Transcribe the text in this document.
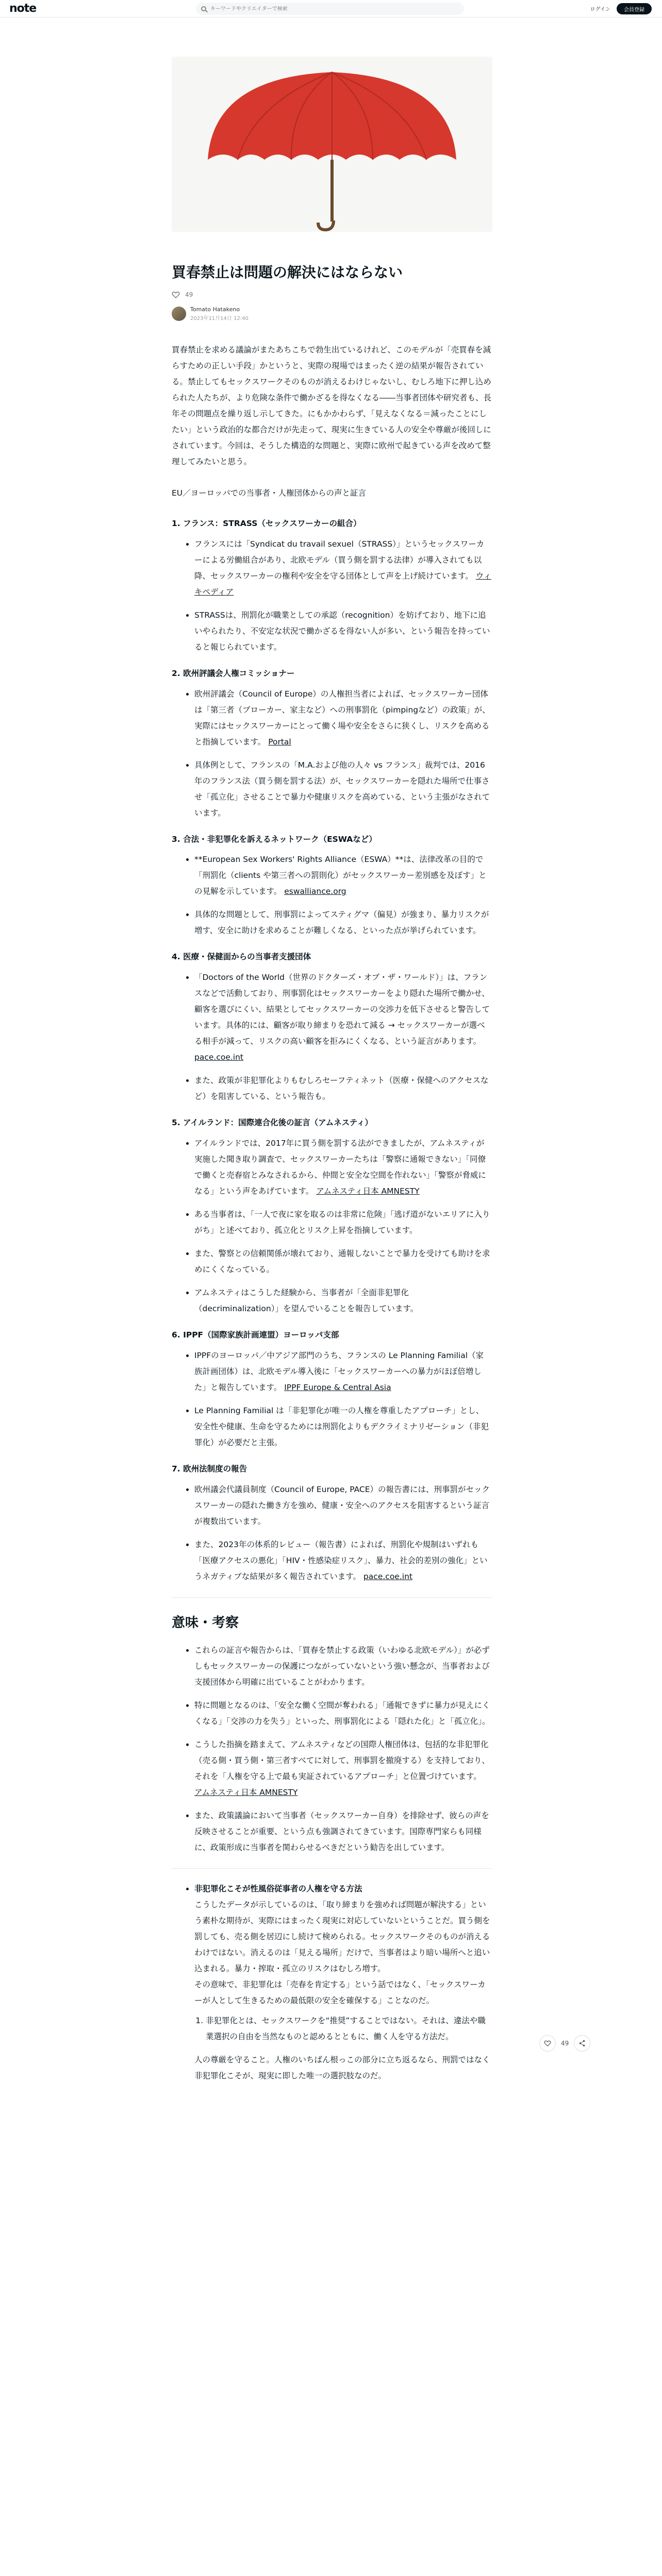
note
キーワードやクリエイターで検索	ログイン	会員登録
買春禁止は問題の解決にはならない
49
Tomato Hatakeno
2023年11月14日 12:40

買春禁止を求める議論がまたあちこちで勃生出ているけれど、このモデルが「売買春を減らすための正しい手段」かというと、実際の現場ではまったく逆の結果が報告されている。禁止してもセックスワークそのものが消えるわけじゃないし、むしろ地下に押し込められた人たちが、より危険な条件で働かざるを得なくなる――当事者団体や研究者も、長年その問題点を繰り返し示してきた。にもかかわらず、「見えなくなる＝減ったことにしたい」という政治的な都合だけが先走って、現実に生きている人の安全や尊厳が後回しにされています。今回は、そうした構造的な問題と、実際に欧州で起きている声を改めて整理してみたいと思う。

EU／ヨーロッパでの当事者・人権団体からの声と証言

1. フランス：STRASS（セックスワーカーの組合）
• フランスには「Syndicat du travail sexuel（STRASS）」というセックスワーカーによる労働組合があり、北欧モデル（買う側を罰する法律）が導入されても以降、セックスワーカーの権利や安全を守る団体として声を上げ続けています。 ウィキペディア
• STRASSは、刑罰化が職業としての承認（recognition）を妨げており、地下に追いやられたり、不安定な状況で働かざるを得ない人が多い、という報告を持っていると報じられています。
2. 欧州評議会人権コミッショナー
• 欧州評議会（Council of Europe）の人権担当者によれば、セックスワーカー団体は「第三者（ブローカー、家主など）への刑事罰化（pimpingなど）の政策」が、実際にはセックスワーカーにとって働く場や安全をさらに狭くし、リスクを高めると指摘しています。 Portal
• 具体例として、フランスの「M.A.および他の人々 vs フランス」裁判では、2016年のフランス法（買う側を罰する法）が、セックスワーカーを隠れた場所で仕事させ「孤立化」させることで暴力や健康リスクを高めている、という主張がなされています。
3. 合法・非犯罪化を訴えるネットワーク（ESWAなど）
• **European Sex Workers' Rights Alliance（ESWA）**は、法律改革の目的で「刑罰化（clients や第三者への罰則化）がセックスワーカー差別感を及ぼす」との見解を示しています。 eswalliance.org
• 具体的な問題として、刑事罰によってスティグマ（偏見）が強まり、暴力リスクが増す、安全に助けを求めることが難しくなる、といった点が挙げられています。
4. 医療・保健面からの当事者支援団体
• 「Doctors of the World（世界のドクターズ・オブ・ザ・ワールド）」は、フランスなどで活動しており、刑事罰化はセックスワーカーをより隠れた場所で働かせ、顧客を選びにくい、結果としてセックスワーカーの交渉力を低下させると警告しています。具体的には、顧客が取り締まりを恐れて減る → セックスワーカーが選べる相手が減って、リスクの高い顧客を拒みにくくなる、という証言があります。 pace.coe.int
• また、政策が非犯罪化よりもむしろセーフティネット（医療・保健へのアクセスなど）を阻害している、という報告も。
5. アイルランド：国際連合化後の証言（アムネスティ）
• アイルランドでは、2017年に買う側を罰する法ができましたが、アムネスティが実施した聞き取り調査で、セックスワーカーたちは「警察に通報できない」「同僚で働くと売春宿とみなされるから、仲間と安全な空間を作れない」「警察が脅威になる」という声をあげています。 アムネスティ日本 AMNESTY
• ある当事者は、「一人で夜に家を取るのは非常に危険」「逃げ道がないエリアに入りがち」と述べており、孤立化とリスク上昇を指摘しています。
• また、警察との信頼関係が壊れており、通報しないことで暴力を受けても助けを求めにくくなっている。
• アムネスティはこうした経験から、当事者が「全面非犯罪化（decriminalization）」を望んでいることを報告しています。
6. IPPF（国際家族計画連盟）ヨーロッパ支部
• IPPFのヨーロッパ／中アジア部門のうち、フランスの Le Planning Familial（家族計画団体）は、北欧モデル導入後に「セックスワーカーへの暴力がほぼ倍増した」と報告しています。 IPPF Europe & Central Asia
• Le Planning Familial は「非犯罪化が唯一の人権を尊重したアプローチ」とし、安全性や健康、生命を守るためには刑罰化よりもデクライミナリゼーション（非犯罪化）が必要だと主張。
7. 欧州法制度の報告
• 欧州議会代議員制度（Council of Europe, PACE）の報告書には、刑事罰がセックスワーカーの隠れた働き方を強め、健康・安全へのアクセスを阻害するという証言が複数出ています。
• また、2023年の体系的レビュー（報告書）によれば、刑罰化や規制はいずれも「医療アクセスの悪化」「HIV・性感染症リスク」、暴力、社会的差別の強化」というネガティブな結果が多く報告されています。 pace.coe.int
意味・考察
• これらの証言や報告からは、「買春を禁止する政策（いわゆる北欧モデル）」が必ずしもセックスワーカーの保護につながっていないという強い懸念が、当事者および支援団体から明確に出ていることがわかります。
• 特に問題となるのは、「安全な働く空間が奪われる」「通報できずに暴力が見えにくくなる」「交渉の力を失う」といった、刑事罰化による「隠れた化」と「孤立化」。
• こうした指摘を踏まえて、アムネスティなどの国際人権団体は、包括的な非犯罪化（売る側・買う側・第三者すべてに対して、刑事罰を撤廃する）を支持しており、それを「人権を守る上で最も実証されているアプローチ」と位置づけています。 アムネスティ日本 AMNESTY
• また、政策議論において当事者（セックスワーカー自身）を排除せず、彼らの声を反映させることが重要、という点も強調されてきています。国際専門家らも同様に、政策形成に当事者を関わらせるべきだという勧告を出しています。
• 非犯罪化こそが性風俗従事者の人権を守る方法
こうしたデータが示しているのは、「取り締まりを強めれば問題が解決する」という素朴な期待が、実際にはまったく現実に対応していないということだ。買う側を罰しても、売る側を居辺にし続けて検められる。セックスワークそのものが消えるわけではない。消えるのは「見える場所」だけで、当事者はより暗い場所へと追い込まれる。暴力・搾取・孤立のリスクはむしろ増す。
その意味で、非犯罪化は「売春を肯定する」という話ではなく、「セックスワーカーが人として生きるための最低限の安全を確保する」ことなのだ。
1. 非犯罪化とは、セックスワークを“推奨”することではない。それは、違法や職業選択の自由を当然なものと認めるとともに、働く人を守る方法だ。
人の尊厳を守ること。人権のいちばん根っこの部分に立ち返るなら、刑罰ではなく非犯罪化こそが、現実に即した唯一の選択肢なのだ。
49
